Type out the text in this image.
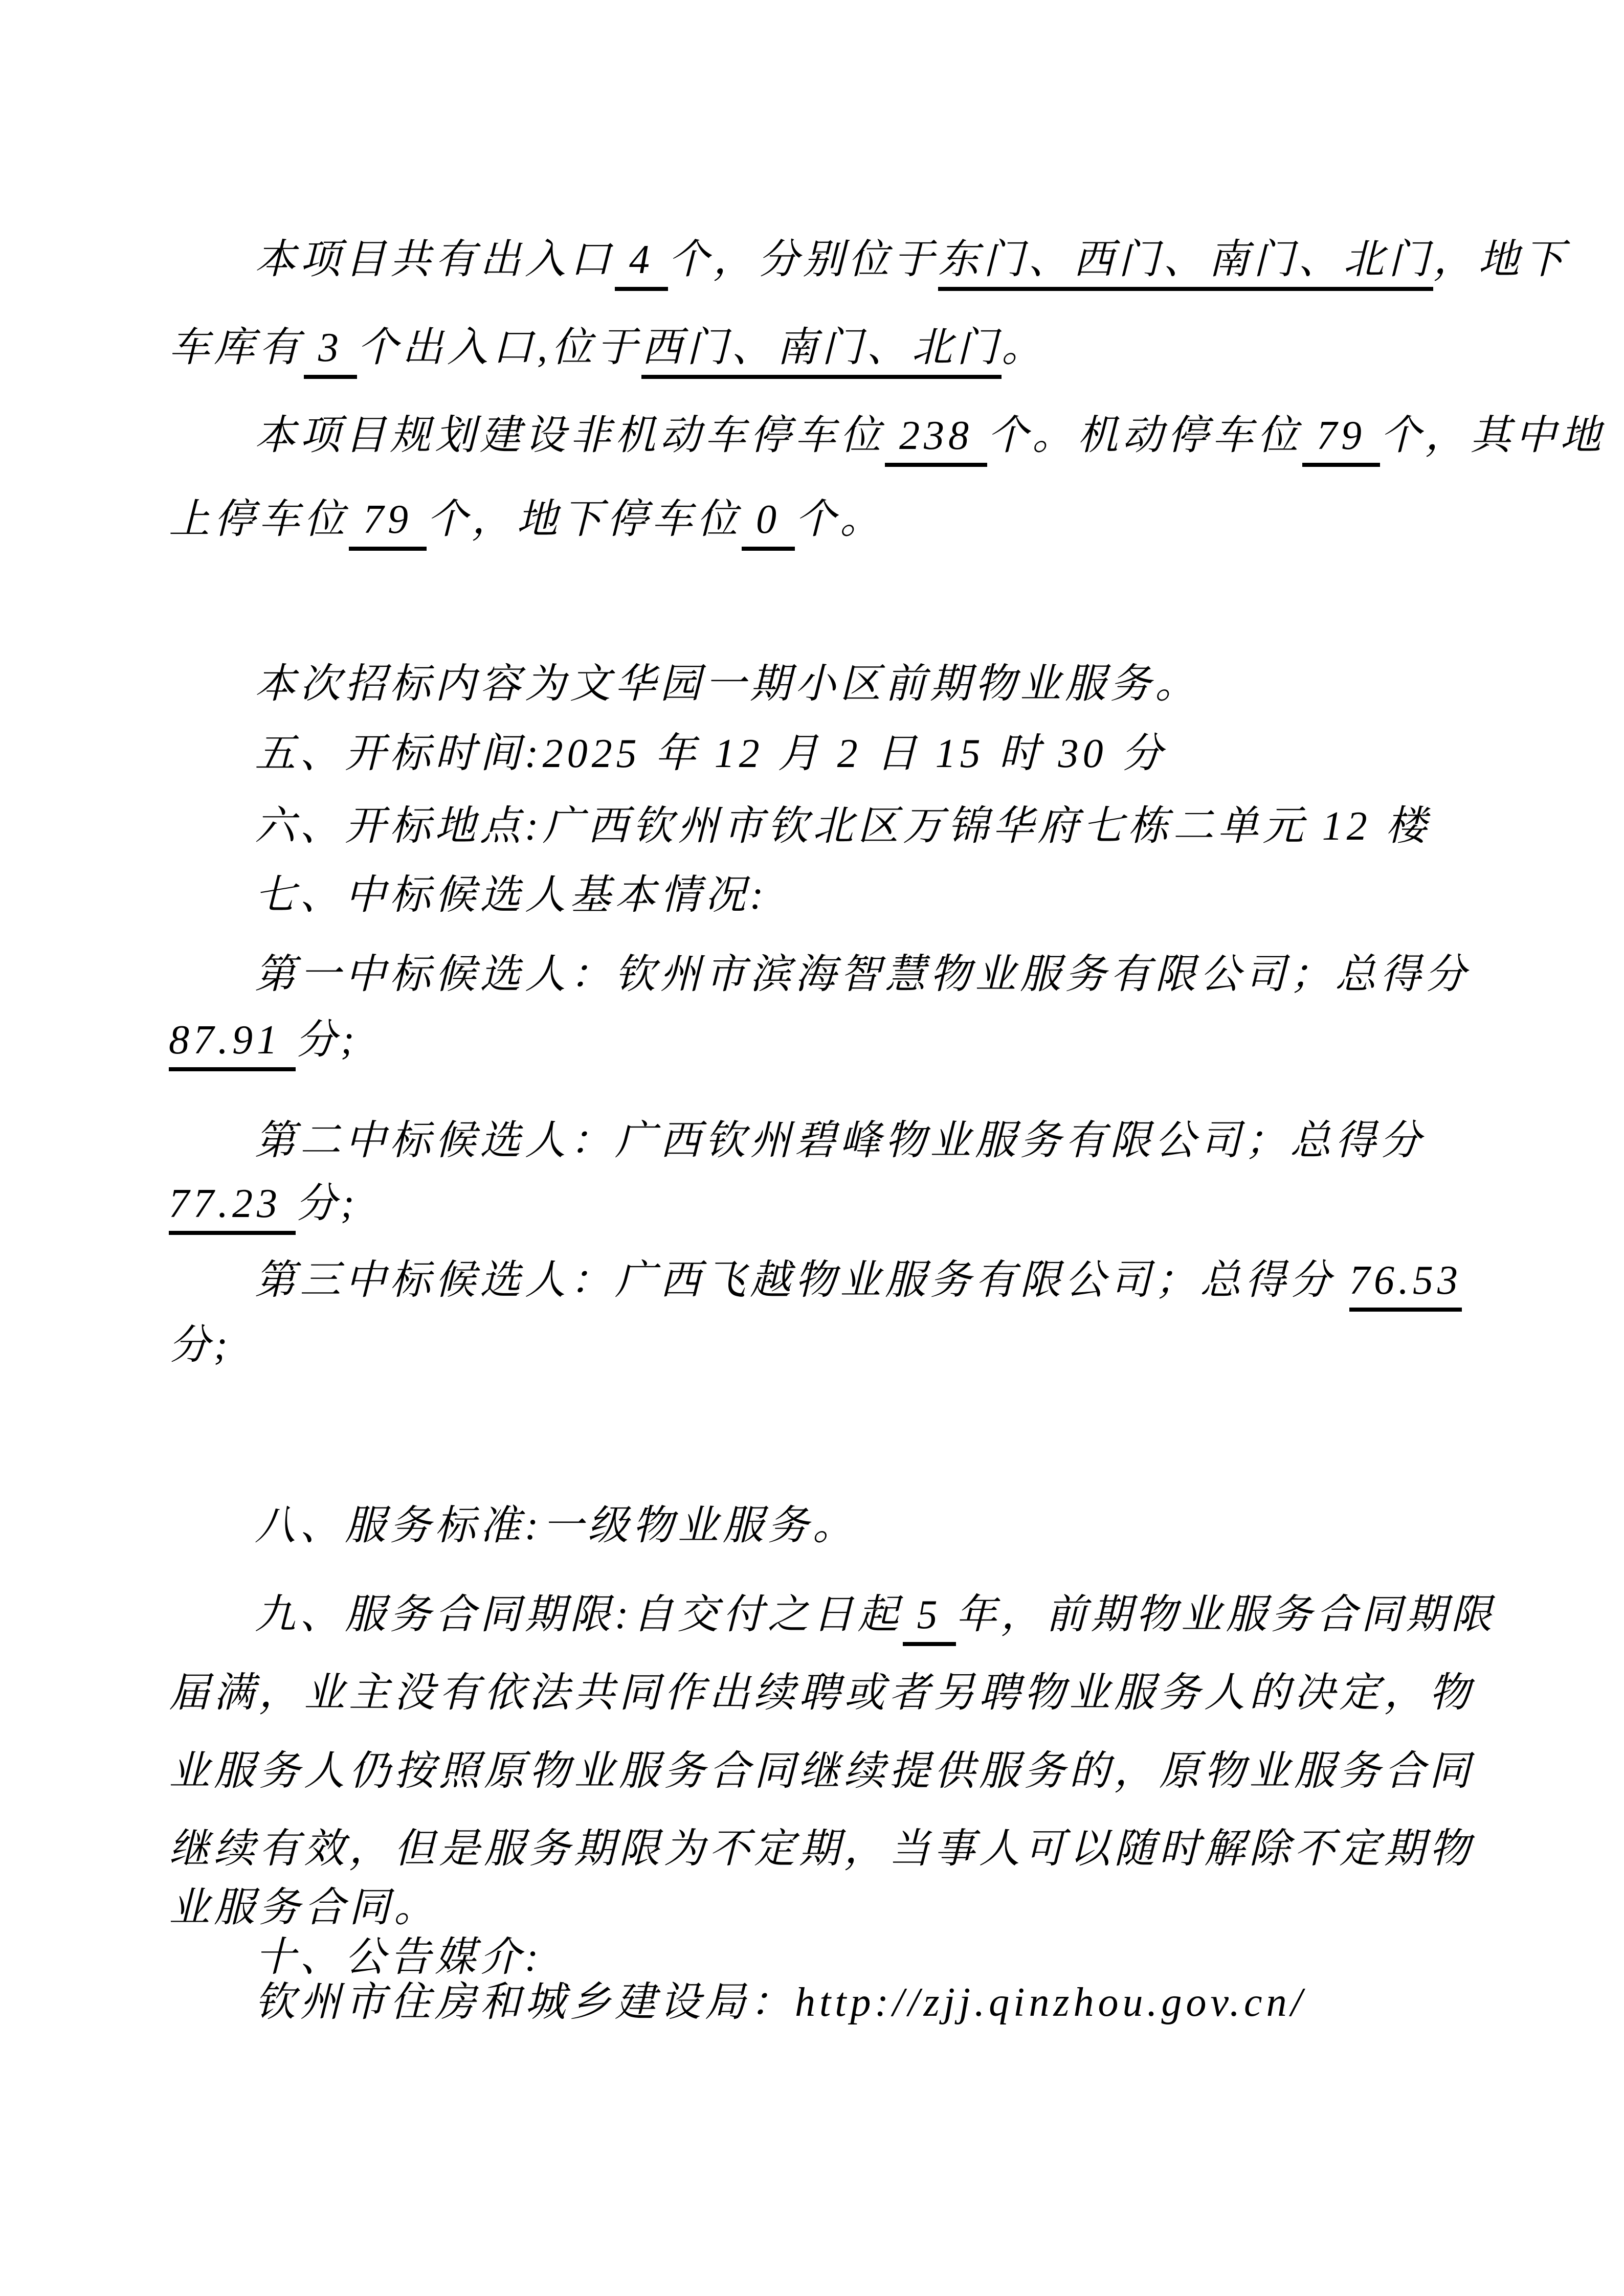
本项目共有出入口 4 个，分别位于东门、西门、南门、北门，地下
车库有 3 个出入口,位于西门、南门、北门。
本项目规划建设非机动车停车位 238 个。机动停车位 79 个，其中地
上停车位 79 个，地下停车位 0 个。
本次招标内容为文华园一期小区前期物业服务。
五、开标时间:2025 年 12 月 2 日 15 时 30 分
六、开标地点:广西钦州市钦北区万锦华府七栋二单元 12 楼
七、中标候选人基本情况:
第一中标候选人：钦州市滨海智慧物业服务有限公司；总得分
87.91 分;
第二中标候选人：广西钦州碧峰物业服务有限公司；总得分
77.23 分;
第三中标候选人：广西飞越物业服务有限公司；总得分 76.53
分;
八、服务标准:一级物业服务。
九、服务合同期限:自交付之日起 5 年，前期物业服务合同期限
届满，业主没有依法共同作出续聘或者另聘物业服务人的决定，物
业服务人仍按照原物业服务合同继续提供服务的，原物业服务合同
继续有效，但是服务期限为不定期，当事人可以随时解除不定期物
业服务合同。
十、公告媒介:
钦州市住房和城乡建设局：http://zjj.qinzhou.gov.cn/
